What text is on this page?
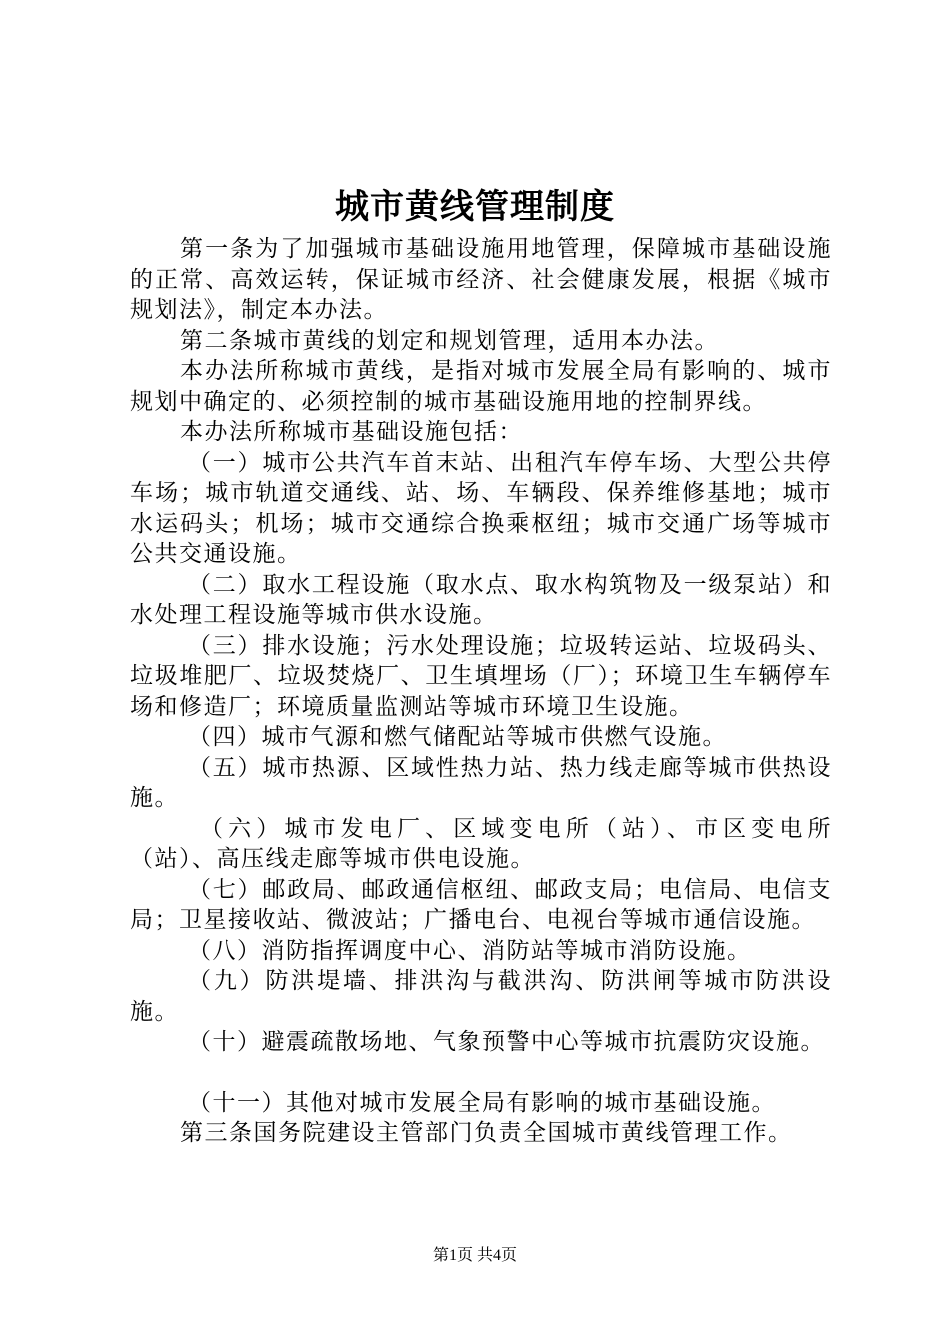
城市黄线管理制度

第一条为了加强城市基础设施用地管理，保障城市基础设施的正常、高效运转，保证城市经济、社会健康发展，根据《城市规划法》，制定本办法。

第二条城市黄线的划定和规划管理，适用本办法。

本办法所称城市黄线，是指对城市发展全局有影响的、城市规划中确定的、必须控制的城市基础设施用地的控制界线。

本办法所称城市基础设施包括：

（一）城市公共汽车首末站、出租汽车停车场、大型公共停车场；城市轨道交通线、站、场、车辆段、保养维修基地；城市水运码头；机场；城市交通综合换乘枢纽；城市交通广场等城市公共交通设施。

（二）取水工程设施（取水点、取水构筑物及一级泵站）和水处理工程设施等城市供水设施。

（三）排水设施；污水处理设施；垃圾转运站、垃圾码头、垃圾堆肥厂、垃圾焚烧厂、卫生填埋场（厂）；环境卫生车辆停车场和修造厂；环境质量监测站等城市环境卫生设施。

（四）城市气源和燃气储配站等城市供燃气设施。

（五）城市热源、区域性热力站、热力线走廊等城市供热设施。

（六）城市发电厂、区域变电所（站）、市区变电所（站）、高压线走廊等城市供电设施。

（七）邮政局、邮政通信枢纽、邮政支局；电信局、电信支局；卫星接收站、微波站；广播电台、电视台等城市通信设施。

（八）消防指挥调度中心、消防站等城市消防设施。

（九）防洪堤墙、排洪沟与截洪沟、防洪闸等城市防洪设施。

（十）避震疏散场地、气象预警中心等城市抗震防灾设施。

（十一）其他对城市发展全局有影响的城市基础设施。

第三条国务院建设主管部门负责全国城市黄线管理工作。

第1页 共4页
